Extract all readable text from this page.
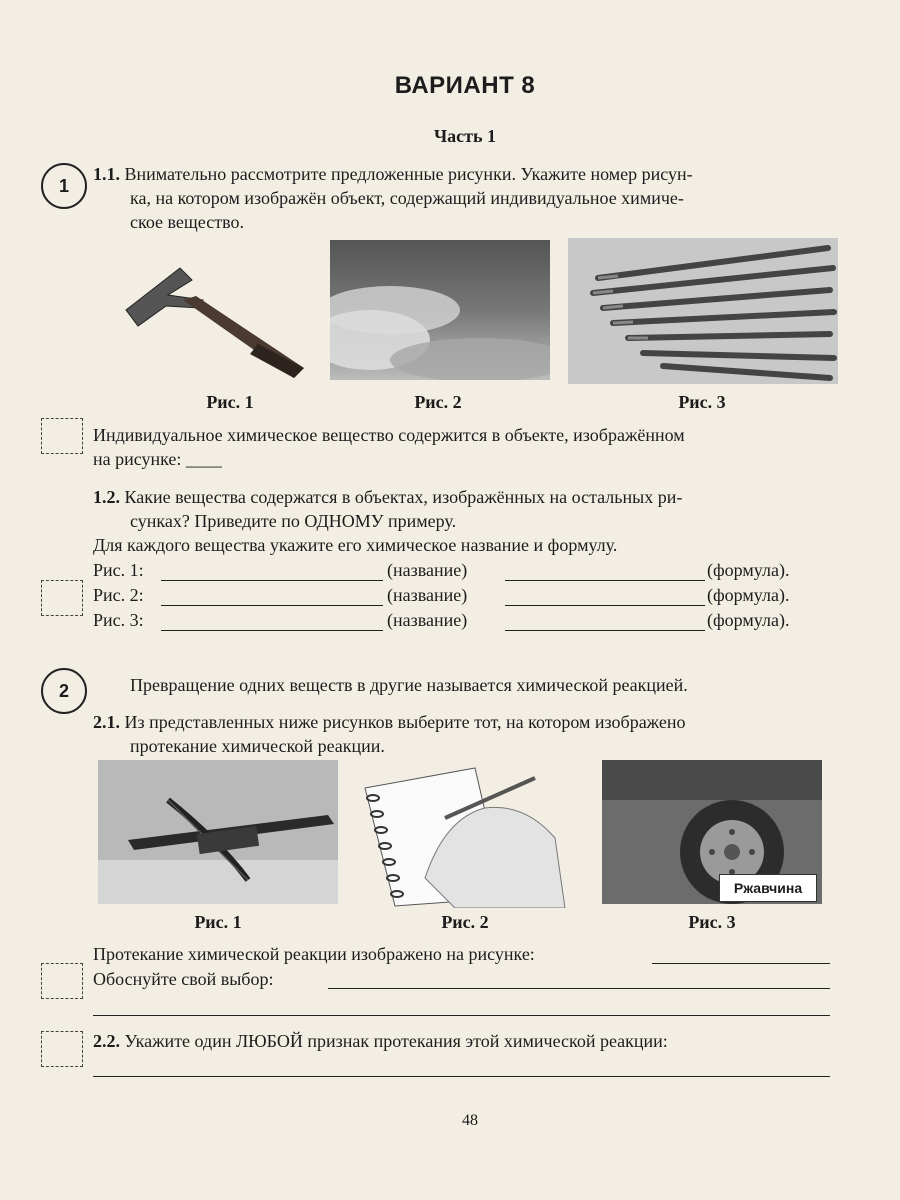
ВАРИАНТ 8
Часть 1
1
1.1. Внимательно рассмотрите предложенные рисунки. Укажите номер рисун-
ка, на котором изображён объект, содержащий индивидуальное химиче-
ское вещество.
Рис. 1	Рис. 2	Рис. 3
Индивидуальное химическое вещество содержится в объекте, изображённом
на рисунке: ____
1.2. Какие вещества содержатся в объектах, изображённых на остальных ри-
сунках? Приведите по ОДНОМУ примеру.
Для каждого вещества укажите его химическое название и формулу.
Рис. 1:	(название)	(формула).
Рис. 2:	(название)	(формула).
Рис. 3:	(название)	(формула).
2	Превращение одних веществ в другие называется химической реакцией.
2.1. Из представленных ниже рисунков выберите тот, на котором изображено
протекание химической реакции.
Ржавчина
Рис. 1	Рис. 2	Рис. 3
Протекание химической реакции изображено на рисунке:
Обоснуйте свой выбор:
2.2. Укажите один ЛЮБОЙ признак протекания этой химической реакции:
48
